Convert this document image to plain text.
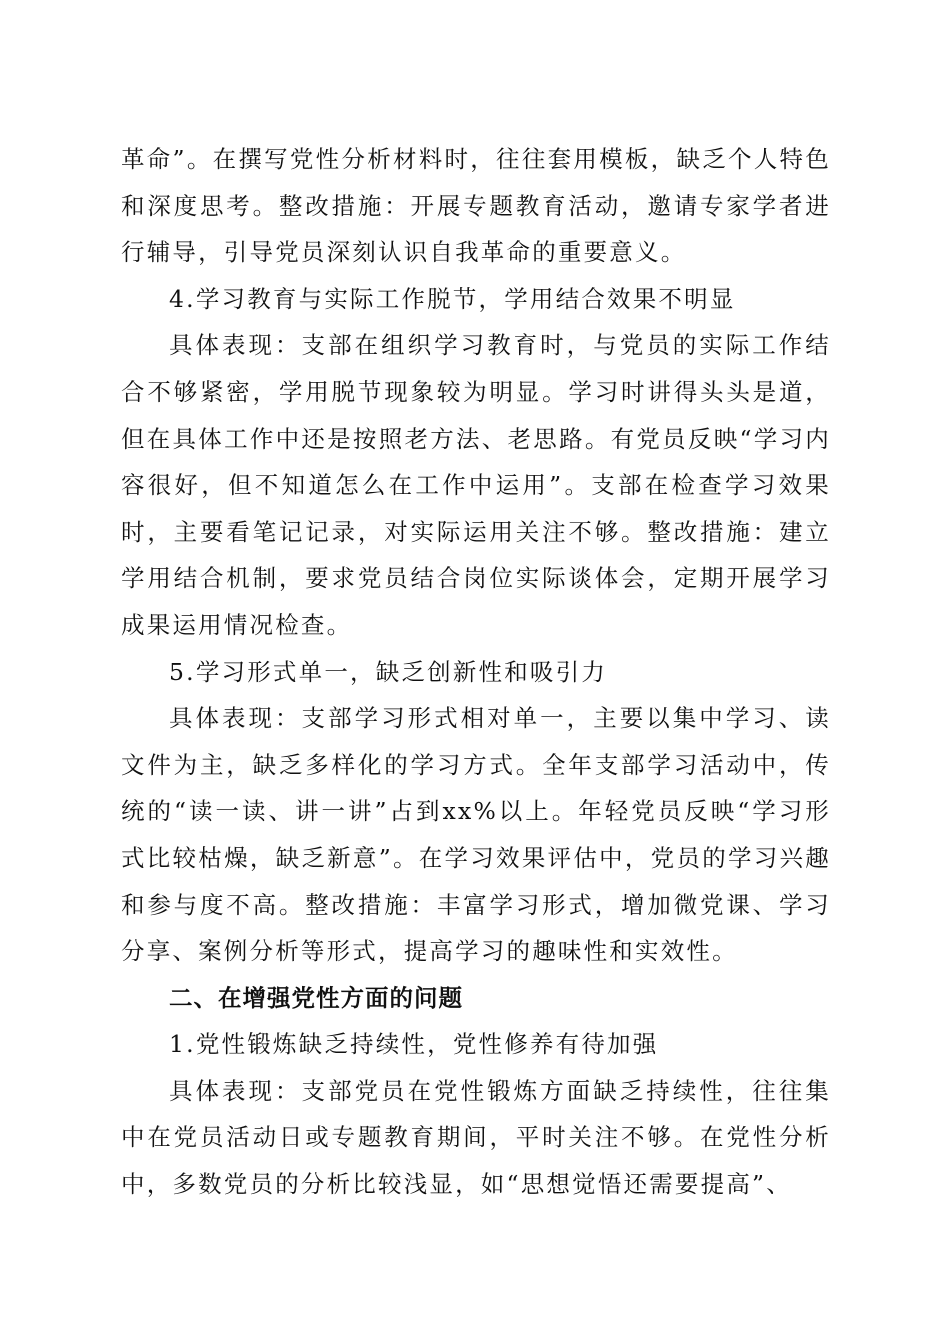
革命”。在撰写党性分析材料时，往往套用模板，缺乏个人特色和深度思考。整改措施：开展专题教育活动，邀请专家学者进行辅导，引导党员深刻认识自我革命的重要意义。

4.学习教育与实际工作脱节，学用结合效果不明显

具体表现：支部在组织学习教育时，与党员的实际工作结合不够紧密，学用脱节现象较为明显。学习时讲得头头是道，但在具体工作中还是按照老方法、老思路。有党员反映“学习内容很好，但不知道怎么在工作中运用”。支部在检查学习效果时，主要看笔记记录，对实际运用关注不够。整改措施：建立学用结合机制，要求党员结合岗位实际谈体会，定期开展学习成果运用情况检查。

5.学习形式单一，缺乏创新性和吸引力

具体表现：支部学习形式相对单一，主要以集中学习、读文件为主，缺乏多样化的学习方式。全年支部学习活动中，传统的“读一读、讲一讲”占到xx%以上。年轻党员反映“学习形式比较枯燥，缺乏新意”。在学习效果评估中，党员的学习兴趣和参与度不高。整改措施：丰富学习形式，增加微党课、学习分享、案例分析等形式，提高学习的趣味性和实效性。

二、在增强党性方面的问题

1.党性锻炼缺乏持续性，党性修养有待加强

具体表现：支部党员在党性锻炼方面缺乏持续性，往往集中在党员活动日或专题教育期间，平时关注不够。在党性分析中，多数党员的分析比较浅显，如“思想觉悟还需要提高”、
